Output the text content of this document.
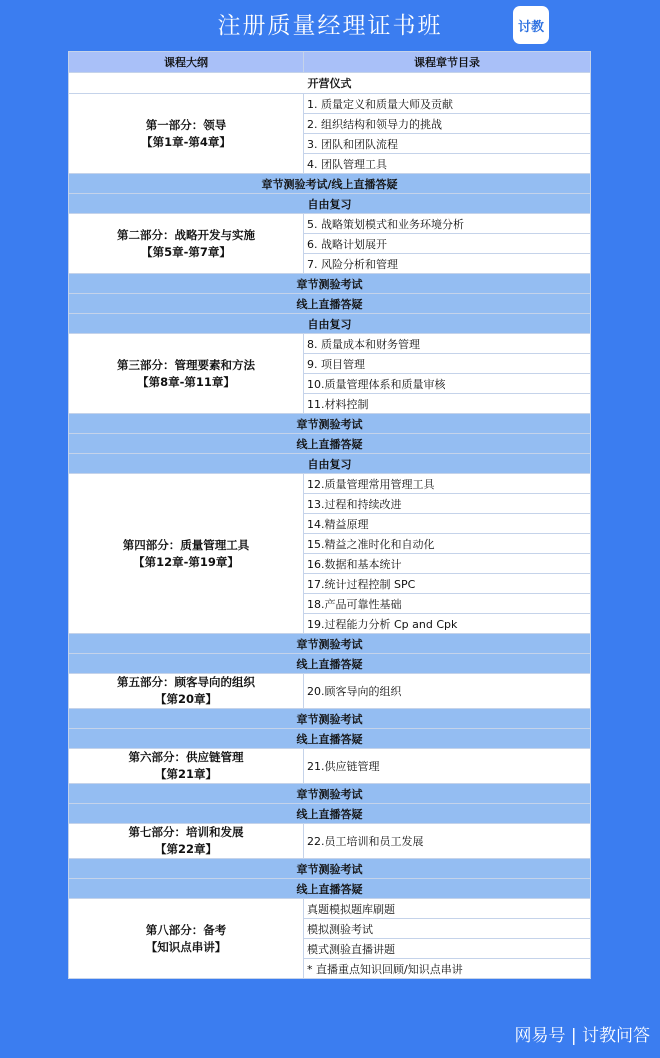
注册质量经理证书班	讨教
课程大纲	课程章节目录
开营仪式	

第一部分：领导
【第1章-第4章】	1. 质量定义和质量大师及贡献
	2. 组织结构和领导力的挑战
	3. 团队和团队流程
	4. 团队管理工具
章节测验考试/线上直播答疑	
自由复习	

第二部分：战略开发与实施
【第5章-第7章】	5. 战略策划模式和业务环境分析
	6. 战略计划展开
	7. 风险分析和管理
章节测验考试	
线上直播答疑	
自由复习	

第三部分：管理要素和方法
【第8章-第11章】	8. 质量成本和财务管理
	9. 项目管理
	10.质量管理体系和质量审核
	11.材料控制
章节测验考试	
线上直播答疑	
自由复习	

第四部分：质量管理工具
【第12章-第19章】	12.质量管理常用管理工具
	13.过程和持续改进
	14.精益原理
	15.精益之准时化和自动化
	16.数据和基本统计
	17.统计过程控制 SPC
	18.产品可靠性基础
	19.过程能力分析 Cp and Cpk
章节测验考试	
线上直播答疑	

第五部分：顾客导向的组织
【第20章】	20.顾客导向的组织
章节测验考试	
线上直播答疑	

第六部分：供应链管理
【第21章】	21.供应链管理
章节测验考试	
线上直播答疑	

第七部分：培训和发展
【第22章】	22.员工培训和员工发展
章节测验考试	
线上直播答疑	

第八部分：备考
【知识点串讲】	真题模拟题库刷题
	模拟测验考试
	模式测验直播讲题
	* 直播重点知识回顾/知识点串讲
网易号 | 讨教问答
